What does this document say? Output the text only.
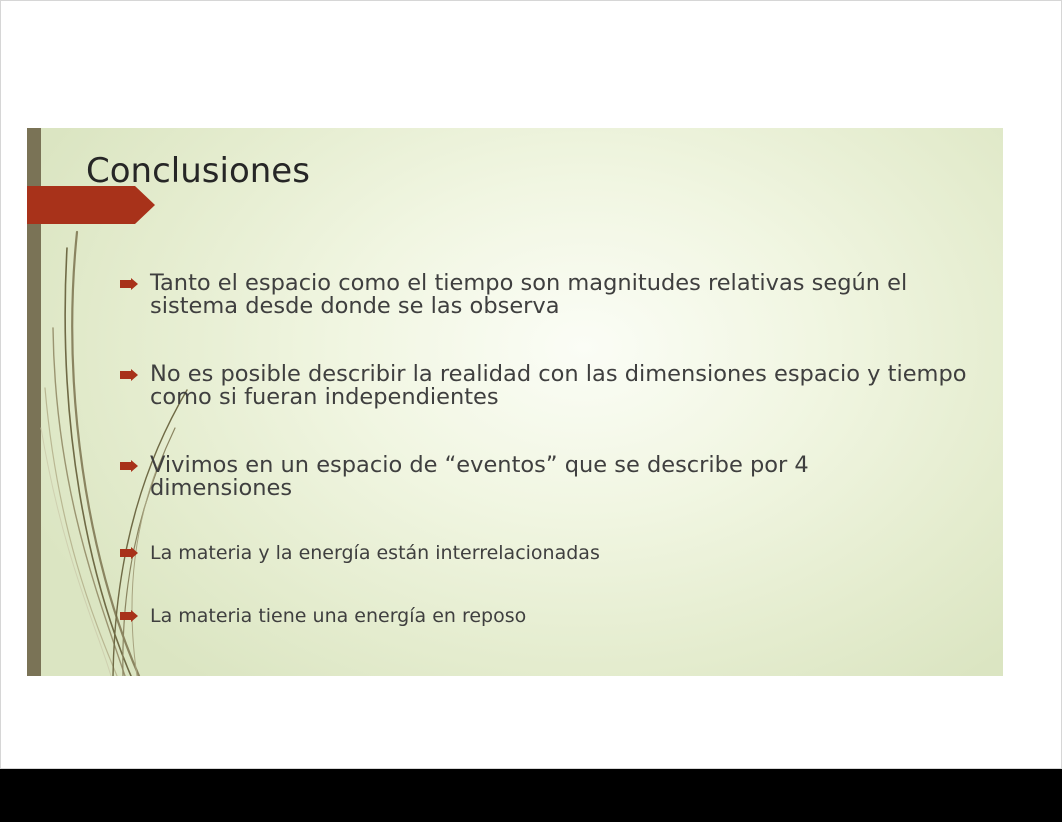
Conclusiones
Tanto el espacio como el tiempo son magnitudes relativas según el sistema desde donde se las observa
No es posible describir la realidad con las dimensiones espacio y tiempo como si fueran independientes
Vivimos en un espacio de “eventos” que se describe por 4 dimensiones
La materia y la energía están interrelacionadas
La materia tiene una energía en reposo
